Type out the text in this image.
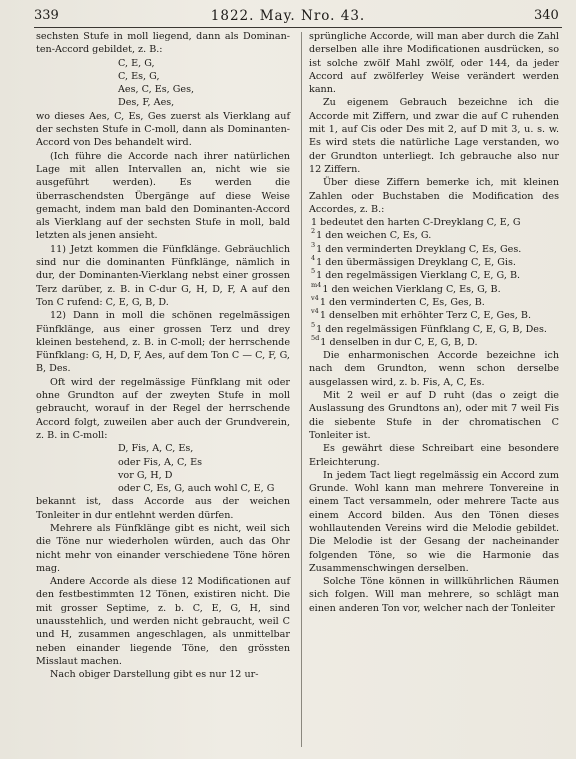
1822. May. Nro. 43.
339	340

sechsten Stufe in moll liegend, dann als Dominan-ten-Accord gebildet, z. B.:

C, E, G,

C, Es, G,

Aes, C, Es, Ges,

Des, F, Aes,

wo dieses Aes, C, Es, Ges zuerst als Vierklang auf der sechsten Stufe in C-moll, dann als Dominanten-Accord von Des behandelt wird.

(Ich führe die Accorde nach ihrer natürlichen Lage mit allen Intervallen an, nicht wie sie ausgeführt werden). Es werden die überraschendsten Übergänge auf diese Weise gemacht, indem man bald den Dominanten-Accord als Vierklang auf der sechsten Stufe in moll, bald letzten als jenen ansieht.

11) Jetzt kommen die Fünfklänge. Gebräuchlich sind nur die dominanten Fünfklänge, nämlich in dur, der Dominanten-Vierklang nebst einer grossen Terz darüber, z. B. in C-dur G, H, D, F, A auf den Ton C rufend: C, E, G, B, D.

12) Dann in moll die schönen regelmässigen Fünfklänge, aus einer grossen Terz und drey kleinen bestehend, z. B. in C-moll; der herrschende Fünfklang: G, H, D, F, Aes, auf dem Ton C — C, F, G, B, Des.

Oft wird der regelmässige Fünfklang mit oder ohne Grundton auf der zweyten Stufe in moll gebraucht, worauf in der Regel der herrschende Accord folgt, zuweilen aber auch der Grundverein, z. B. in C-moll:

D, Fis, A, C, Es,

oder Fis, A, C, Es

vor G, H, D

oder C, Es, G, auch wohl C, E, G

bekannt ist, dass Accorde aus der weichen Tonleiter in dur entlehnt werden dürfen.

Mehrere als Fünfklänge gibt es nicht, weil sich die Töne nur wiederholen würden, auch das Ohr nicht mehr von einander verschiedene Töne hören mag.

Andere Accorde als diese 12 Modificationen auf den festbestimmten 12 Tönen, existiren nicht. Die mit grosser Septime, z. b. C, E, G, H, sind unausstehlich, und werden nicht gebraucht, weil C und H, zusammen angeschlagen, als unmittelbar neben einander liegende Töne, den grössten Misslaut machen.

Nach obiger Darstellung gibt es nur 12 ur-

sprüngliche Accorde, will man aber durch die Zahl derselben alle ihre Modificationen ausdrücken, so ist solche zwölf Mahl zwölf, oder 144, da jeder Accord auf zwölferley Weise verändert werden kann.

Zu eigenem Gebrauch bezeichne ich die Accorde mit Ziffern, und zwar die auf C ruhenden mit 1, auf Cis oder Des mit 2, auf D mit 3, u. s. w. Es wird stets die natürliche Lage verstanden, wo der Grundton unterliegt. Ich gebrauche also nur 12 Ziffern.

Über diese Ziffern bemerke ich, mit kleinen Zahlen oder Buchstaben die Modification des Accordes, z. B.:

1 bedeutet den harten C-Dreyklang C, E, G

$^2$1 den weichen C, Es, G.

$^3$1 den verminderten Dreyklang C, Es, Ges.

$^4$1 den übermässigen Dreyklang C, E, Gis.

$^5$1 den regelmässigen Vierklang C, E, G, B.

$^{m4}$1 den weichen Vierklang C, Es, G, B.

$^{v4}$1 den verminderten C, Es, Ges, B.

$^{v4}$1 denselben mit erhöhter Terz C, E, Ges, B.

$^5$1 den regelmässigen Fünfklang C, E, G, B, Des.

$^{5d}$1 denselben in dur C, E, G, B, D.

Die enharmonischen Accorde bezeichne ich nach dem Grundton, wenn schon derselbe ausgelassen wird, z. b. Fis, A, C, Es.

Mit 2 weil er auf D ruht (das o zeigt die Auslassung des Grundtons an), oder mit 7 weil Fis die siebente Stufe in der chromatischen C Tonleiter ist.

Es gewährt diese Schreibart eine besondere Erleichterung.

In jedem Tact liegt regelmässig ein Accord zum Grunde. Wohl kann man mehrere Tonvereine in einem Tact versammeln, oder mehrere Tacte aus einem Accord bilden. Aus den Tönen dieses wohllautenden Vereins wird die Melodie gebildet. Die Melodie ist der Gesang der nacheinander folgenden Töne, so wie die Harmonie das Zusammenschwingen derselben.

Solche Töne können in willkührlichen Räumen sich folgen. Will man mehrere, so schlägt man einen anderen Ton vor, welcher nach der Tonleiter
